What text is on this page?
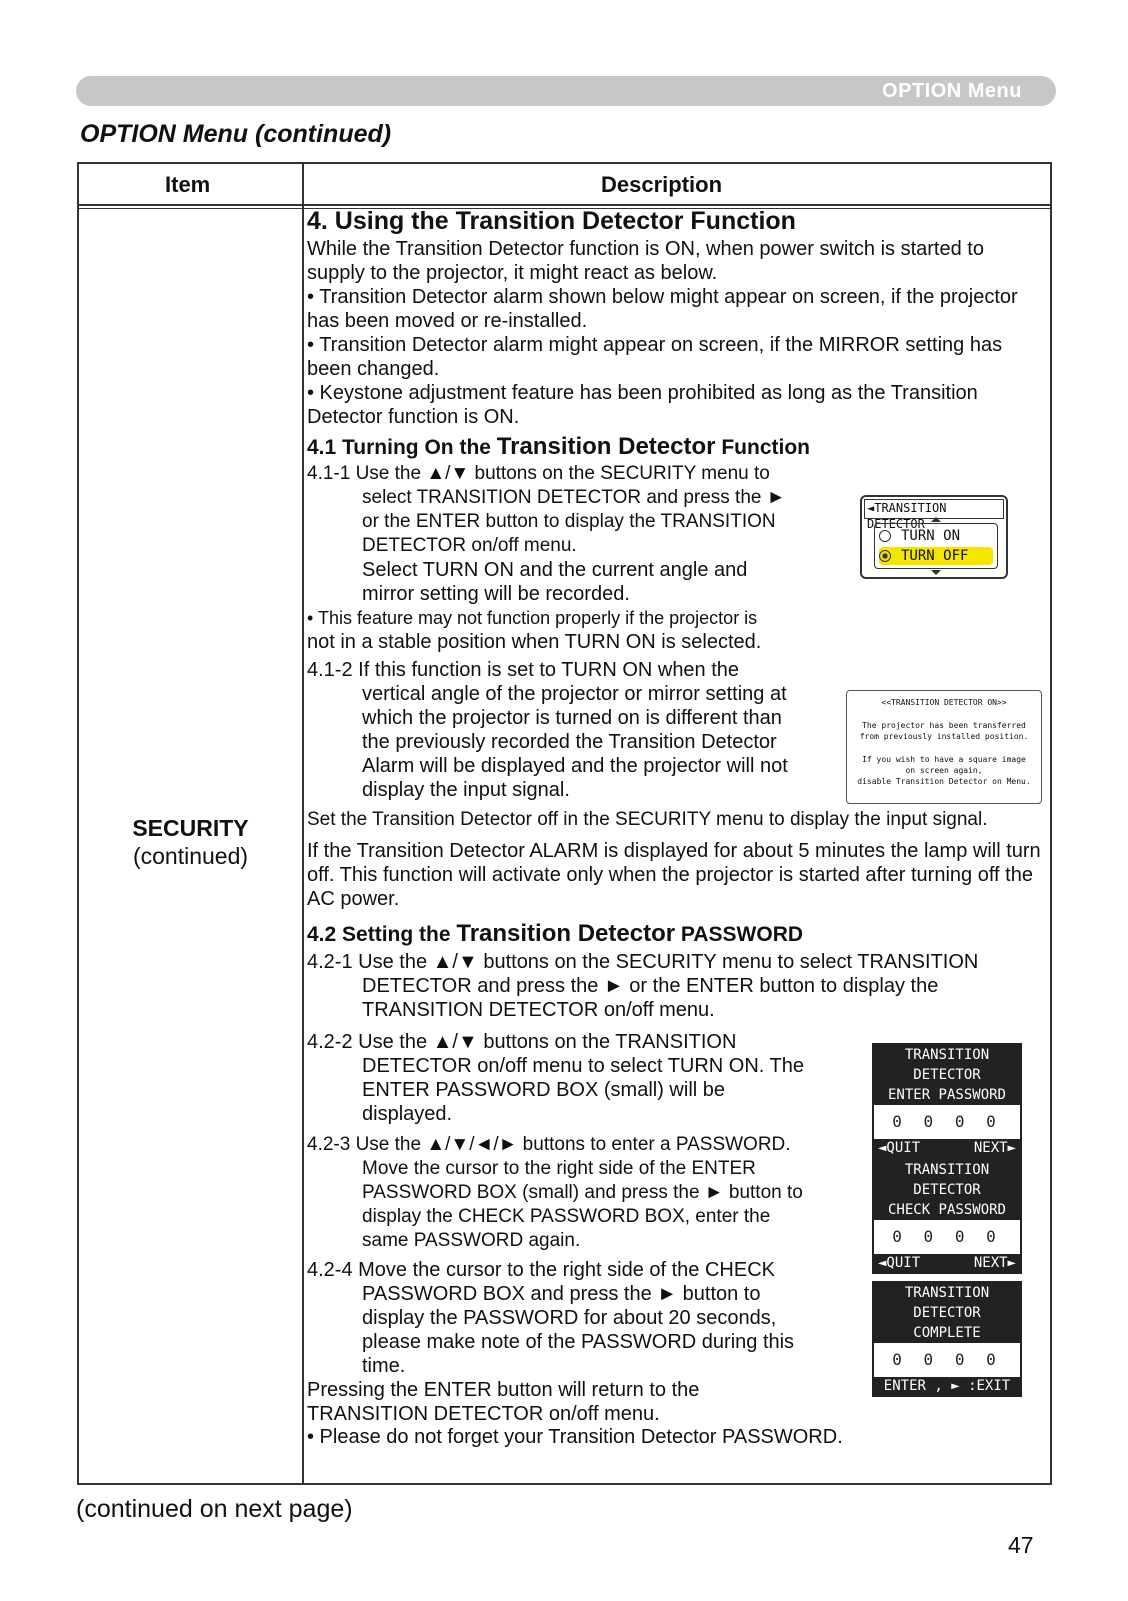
OPTION Menu
OPTION Menu (continued)
Item	Description
SECURITY
(continued)

4. Using the Transition Detector Function

While the Transition Detector function is ON, when power switch is started to supply to the projector, it might react as below.

• Transition Detector alarm shown below might appear on screen, if the projector has been moved or re-installed.

• Transition Detector alarm might appear on screen, if the MIRROR setting has been changed.

• Keystone adjustment feature has been prohibited as long as the Transition Detector function is ON.

4.1 Turning On the Transition Detector Function

4.1-1 Use the ▲/▼ buttons on the SECURITY menu to select TRANSITION DETECTOR and press the ► or the ENTER button to display the TRANSITION DETECTOR on/off menu.

Select TURN ON and the current angle and mirror setting will be recorded.

• This feature may not function properly if the projector is

not in a stable position when TURN ON is selected.

4.1-2 If this function is set to TURN ON when the vertical angle of the projector or mirror setting at which the projector is turned on is different than the previously recorded the Transition Detector Alarm will be displayed and the projector will not display the input signal.

Set the Transition Detector off in the SECURITY menu to display the input signal.

If the Transition Detector ALARM is displayed for about 5 minutes the lamp will turn off. This function will activate only when the projector is started after turning off the AC power.

4.2 Setting the Transition Detector PASSWORD

4.2-1 Use the ▲/▼ buttons on the SECURITY menu to select TRANSITION DETECTOR and press the ► or the ENTER button to display the TRANSITION DETECTOR on/off menu.

4.2-2 Use the ▲/▼ buttons on the TRANSITION DETECTOR on/off menu to select TURN ON. The ENTER PASSWORD BOX (small) will be displayed.

4.2-3 Use the ▲/▼/◄/► buttons to enter a PASSWORD. Move the cursor to the right side of the ENTER PASSWORD BOX (small) and press the ► button to display the CHECK PASSWORD BOX, enter the same PASSWORD again.

4.2-4 Move the cursor to the right side of the CHECK PASSWORD BOX and press the ► button to display the PASSWORD for about 20 seconds, please make note of the PASSWORD during this time.

Pressing the ENTER button will return to the TRANSITION DETECTOR on/off menu.

• Please do not forget your Transition Detector PASSWORD.

◄TRANSITION DETECTOR
TURN ON
TURN OFF
<<TRANSITION DETECTOR ON>>
The projector has been transferred
from previously installed position.
If you wish to have a square image
on screen again,
disable Transition Detector on Menu.
TRANSITION DETECTOR
ENTER PASSWORD
0 0 0 0
◄QUIT	NEXT►
TRANSITION DETECTOR
CHECK PASSWORD
0 0 0 0
◄QUIT	NEXT►
TRANSITION DETECTOR
COMPLETE
0 0 0 0
ENTER , ► :EXIT
(continued on next page)
47
